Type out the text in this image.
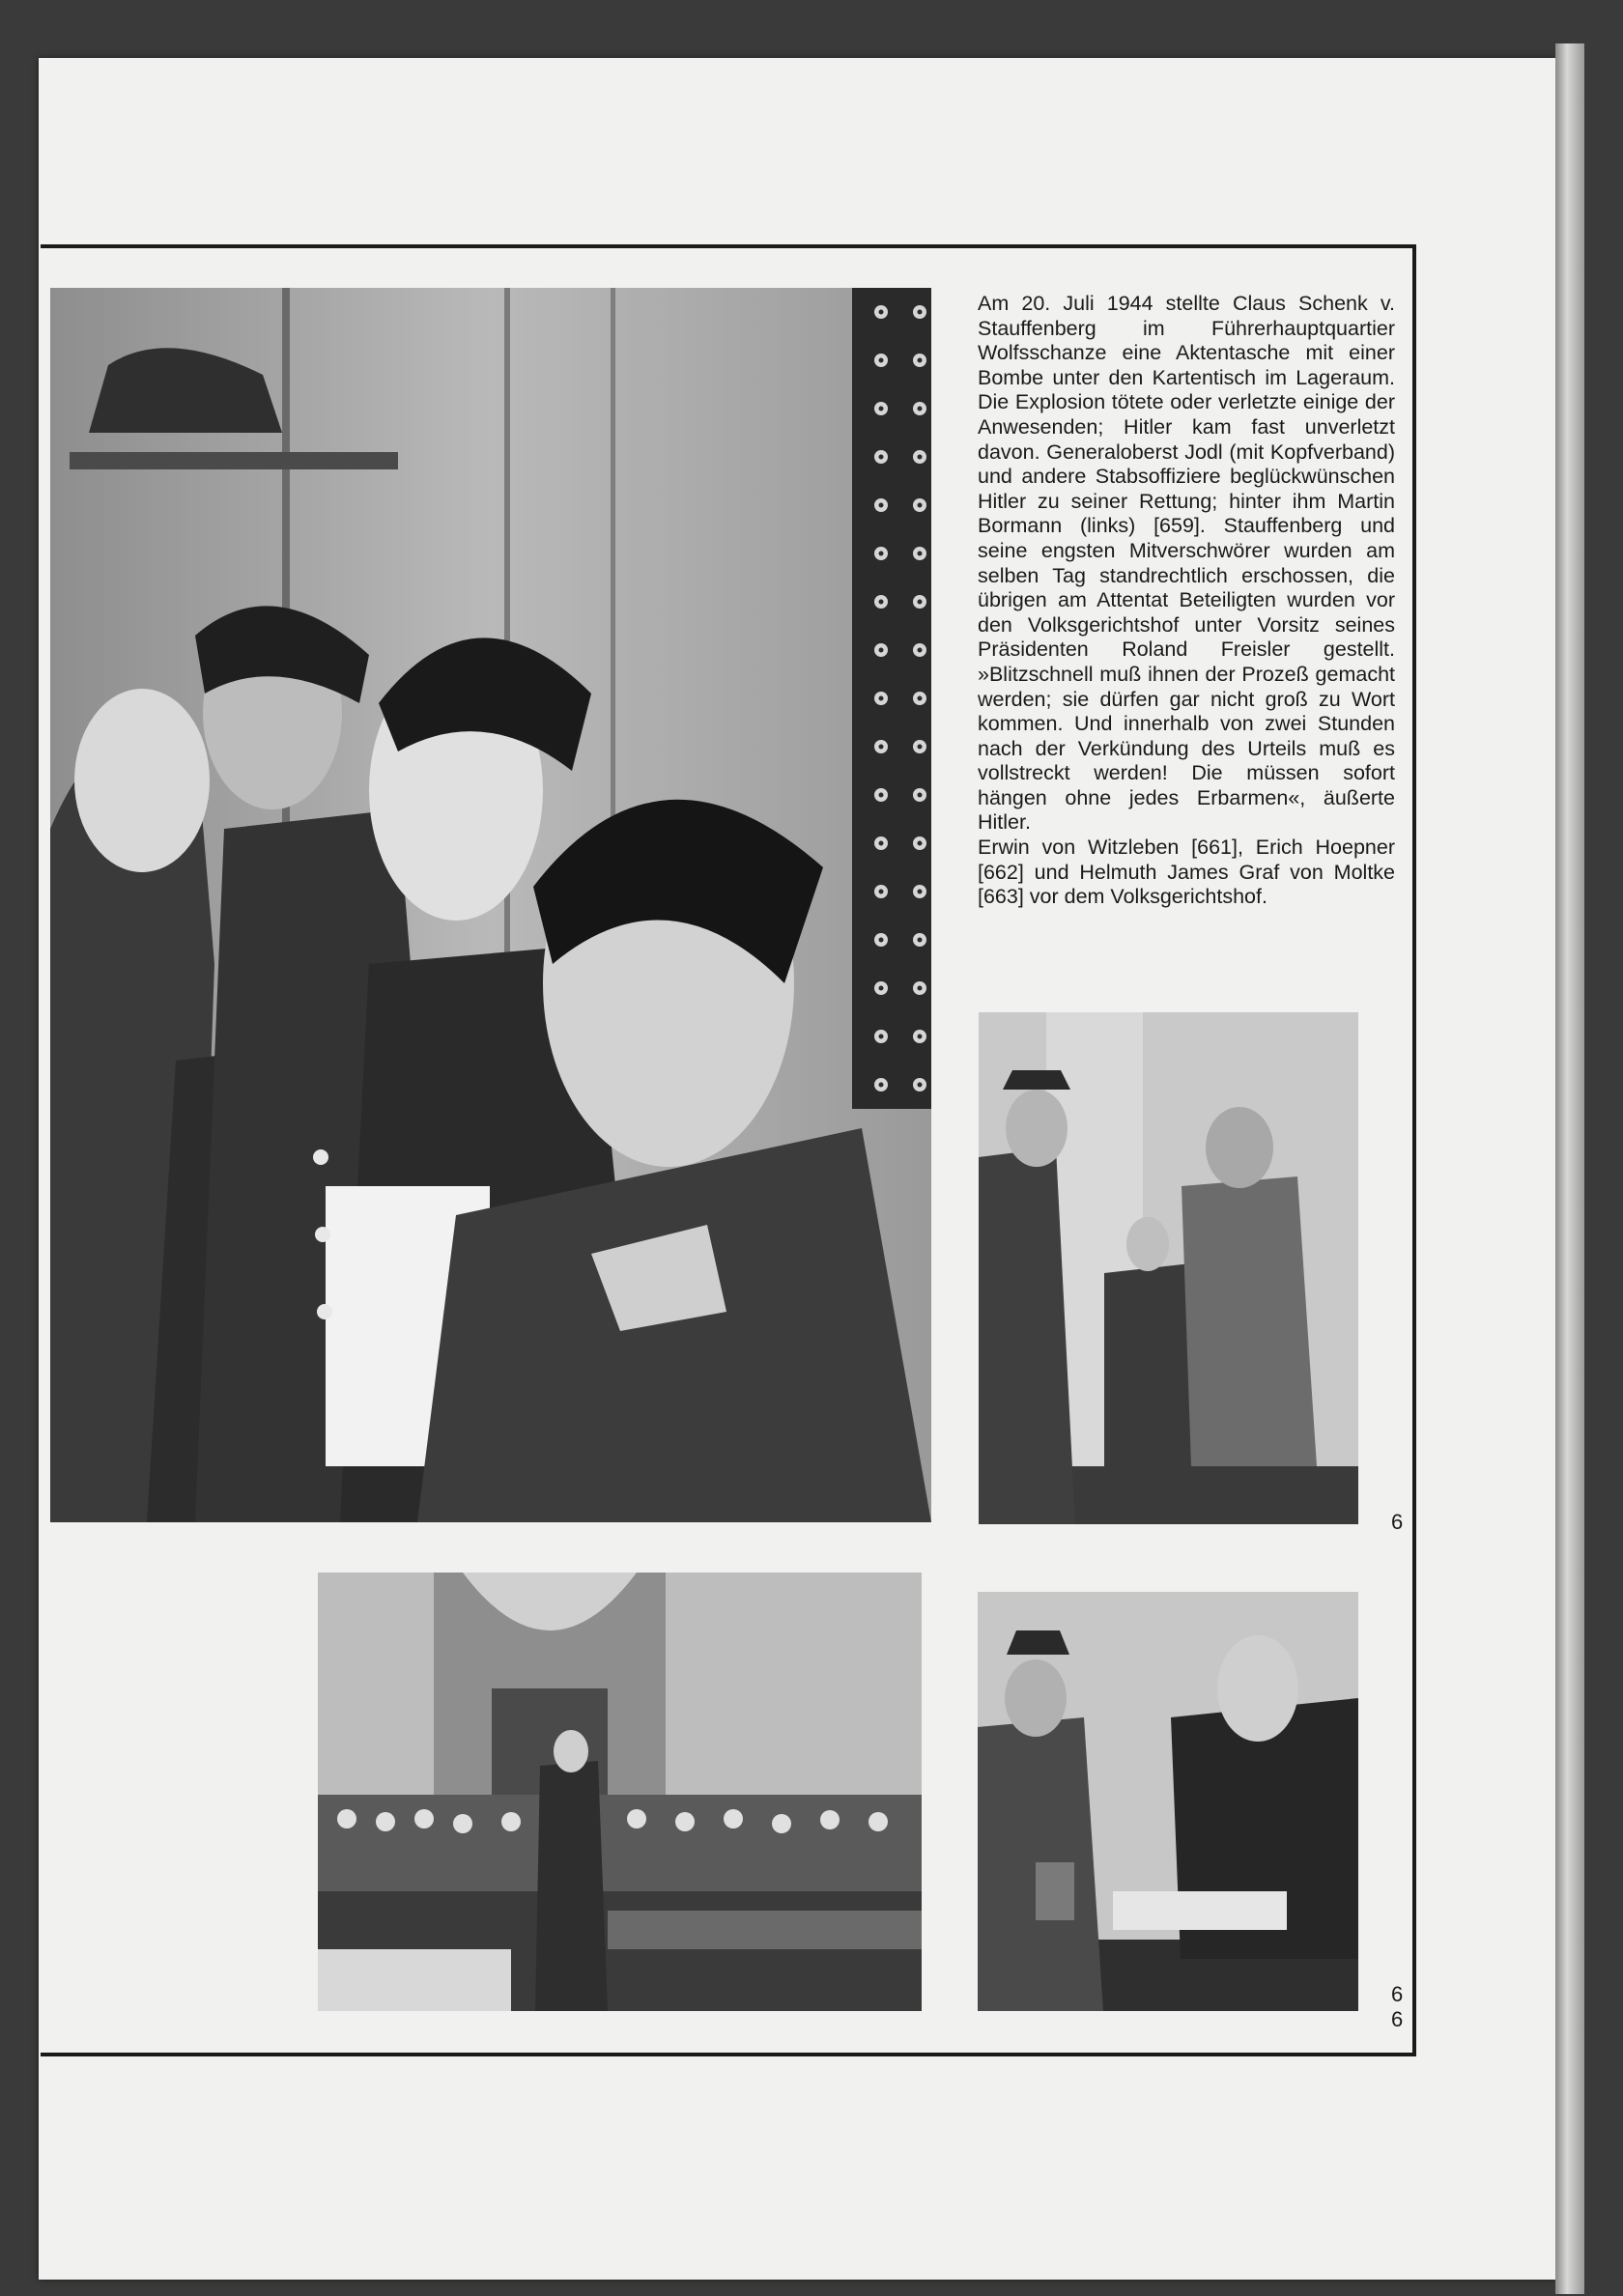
Am 20. Juli 1944 stellte Claus Schenk v. Stauffenberg im Führerhauptquartier Wolfsschanze eine Aktentasche mit einer Bombe unter den Kartentisch im Lageraum. Die Explosion tötete oder verletzte einige der Anwesenden; Hitler kam fast unverletzt davon. Generaloberst Jodl (mit Kopfverband) und andere Stabsoffiziere beglückwünschen Hitler zu seiner Rettung; hinter ihm Martin Bormann (links) [659]. Stauffenberg und seine engsten Mitverschwörer wurden am selben Tag standrechtlich erschossen, die übrigen am Attentat Beteiligten wurden vor den Volksgerichtshof unter Vorsitz seines Präsidenten Roland Freisler gestellt. »Blitzschnell muß ihnen der Prozeß gemacht werden; sie dürfen gar nicht groß zu Wort kommen. Und innerhalb von zwei Stunden nach der Verkündung des Urteils muß es vollstreckt werden! Die müssen sofort hängen ohne jedes Erbarmen«, äußerte Hitler.

Erwin von Witzleben [661], Erich Hoepner [662] und Helmuth James Graf von Moltke [663] vor dem Volksgerichtshof.

6
6
6
